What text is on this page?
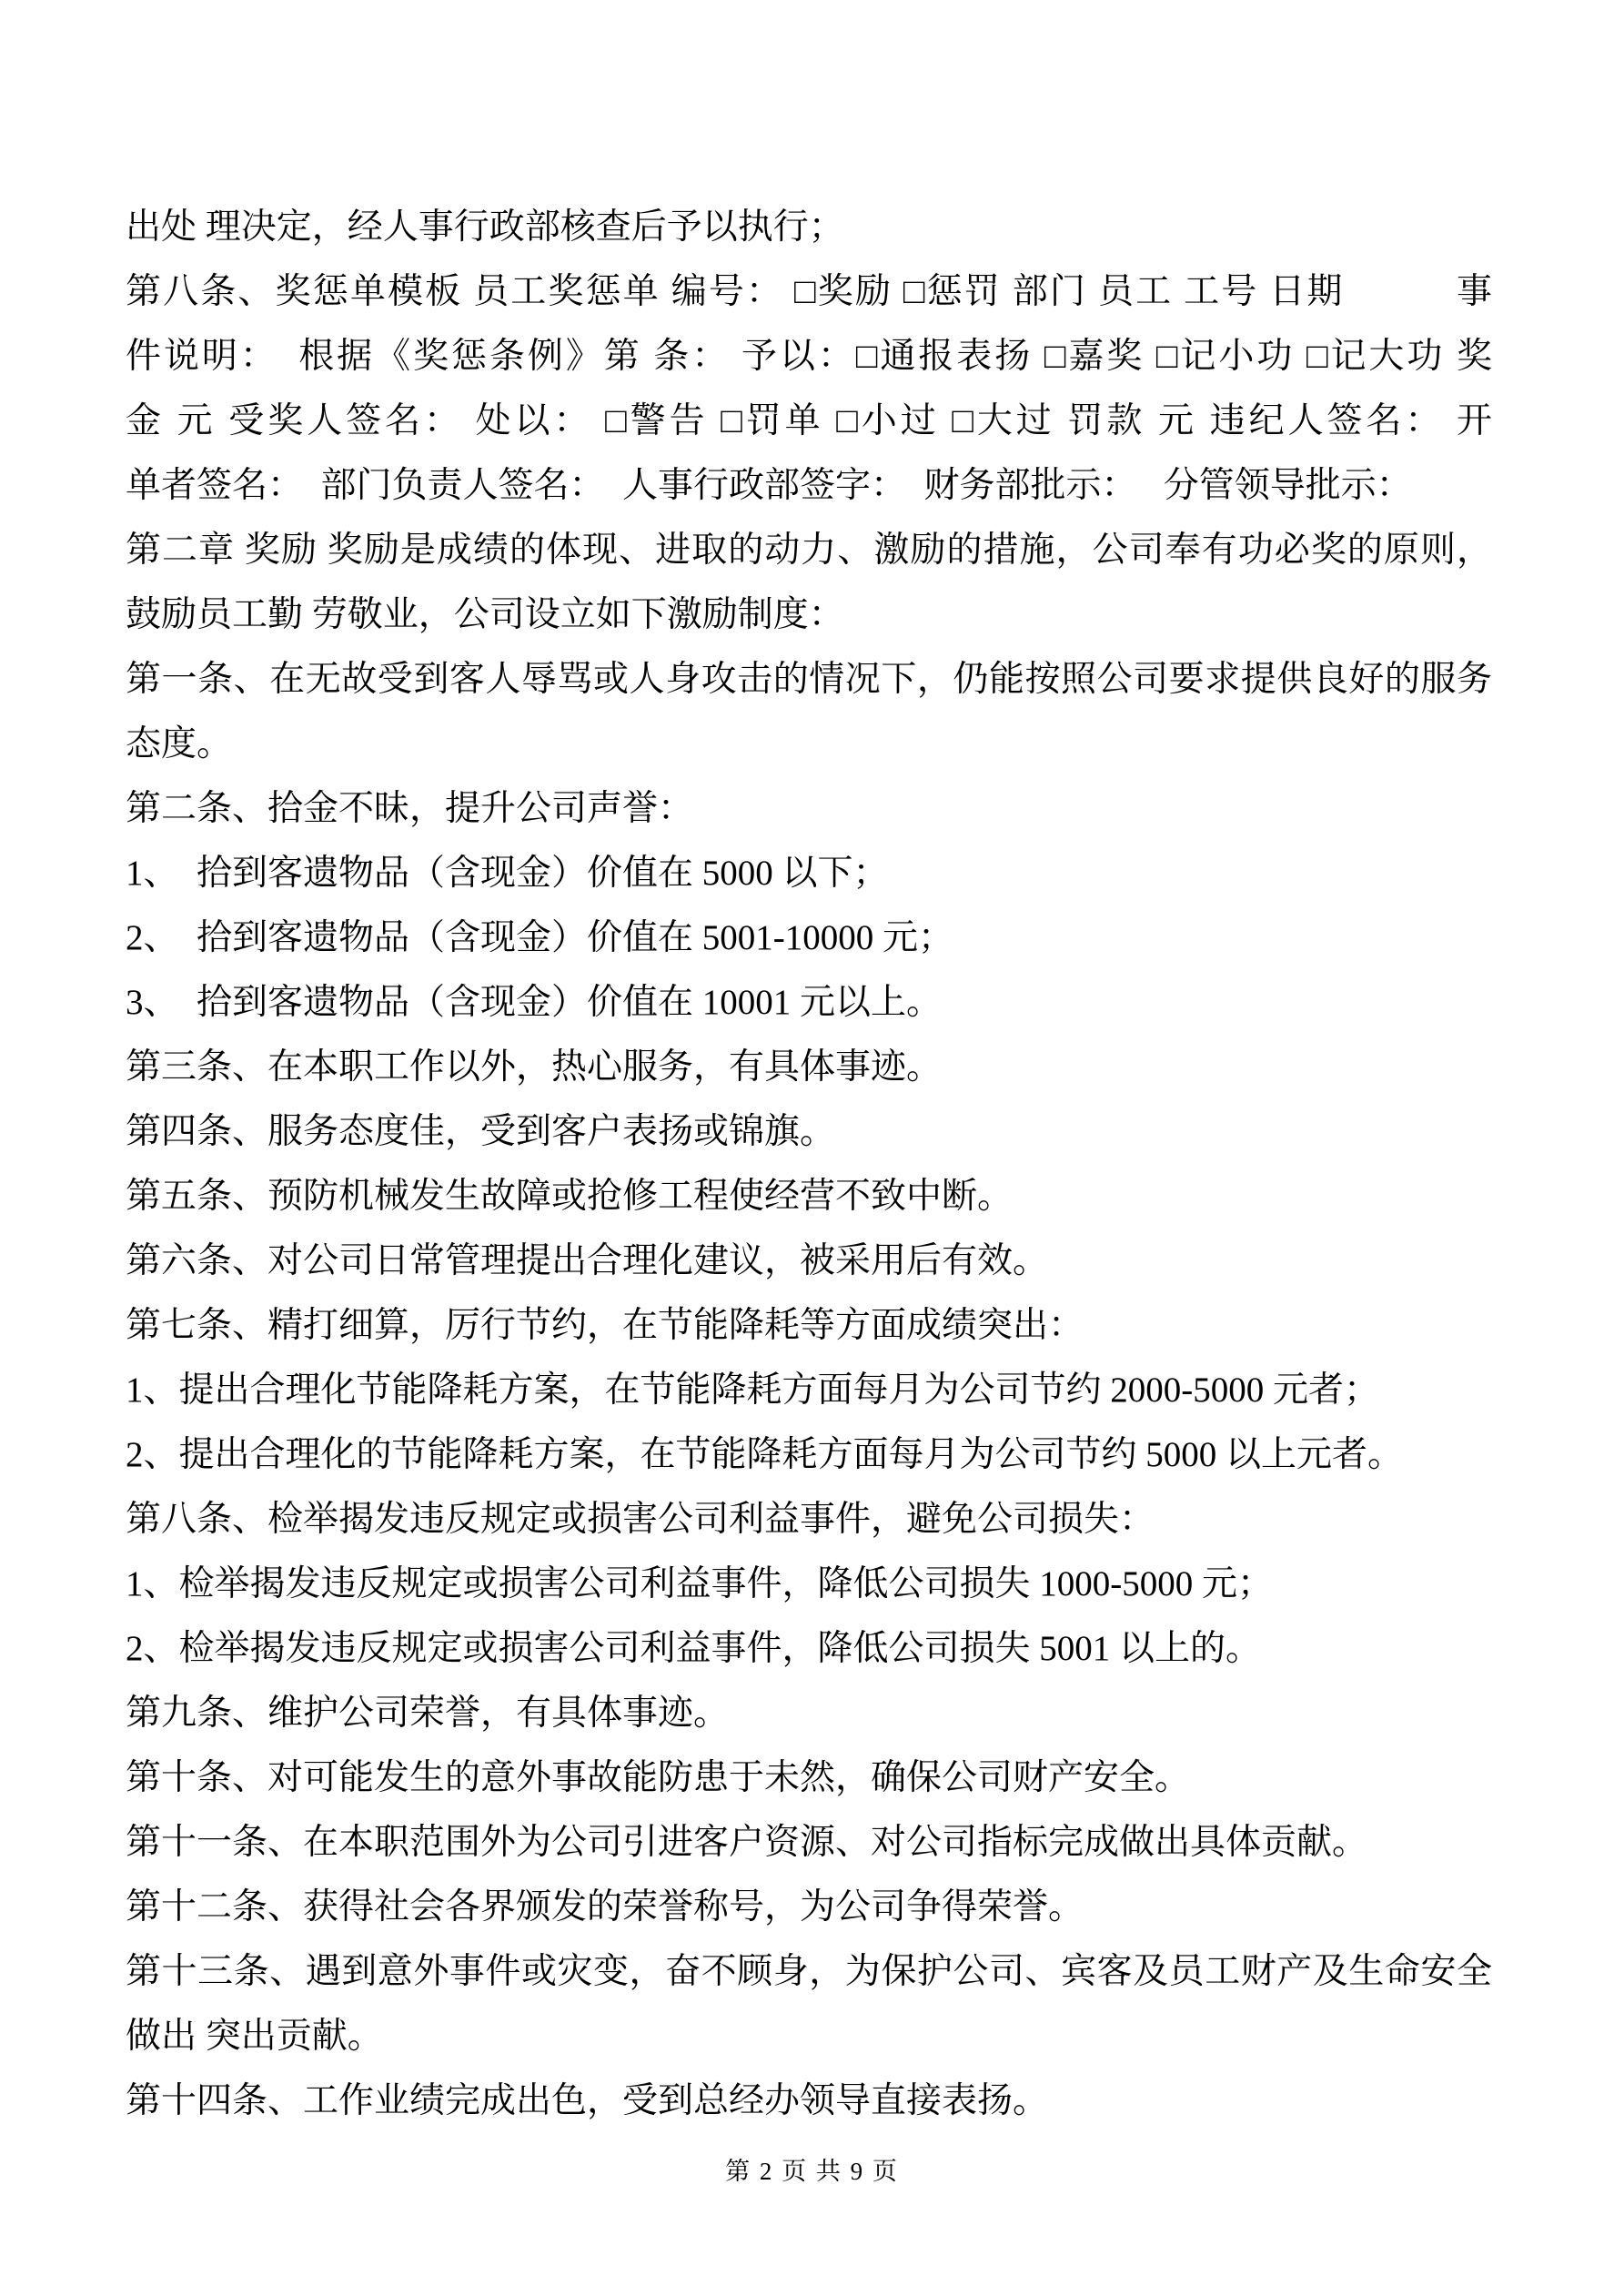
出处 理决定，经人事行政部核查后予以执行；
第八条、奖惩单模板 员工奖惩单 编号： □奖励 □惩罚 部门 员工 工号 日期　　　事
件说明：　根据《奖惩条例》第 条： 予以：□通报表扬 □嘉奖 □记小功 □记大功 奖
金 元 受奖人签名： 处以： □警告 □罚单 □小过 □大过 罚款 元 违纪人签名： 开
单者签名：　部门负责人签名：　人事行政部签字：　财务部批示：　 分管领导批示：
第二章 奖励 奖励是成绩的体现、进取的动力、激励的措施，公司奉有功必奖的原则，
鼓励员工勤 劳敬业，公司设立如下激励制度：
第一条、在无故受到客人辱骂或人身攻击的情况下，仍能按照公司要求提供良好的服务
态度。
第二条、拾金不昧，提升公司声誉：
1、　拾到客遗物品（含现金）价值在 5000 以下；
2、　拾到客遗物品（含现金）价值在 5001-10000 元；
3、　拾到客遗物品（含现金）价值在 10001 元以上。
第三条、在本职工作以外，热心服务，有具体事迹。
第四条、服务态度佳，受到客户表扬或锦旗。
第五条、预防机械发生故障或抢修工程使经营不致中断。
第六条、对公司日常管理提出合理化建议，被采用后有效。
第七条、精打细算，厉行节约，在节能降耗等方面成绩突出：
1、提出合理化节能降耗方案，在节能降耗方面每月为公司节约 2000-5000 元者；
2、提出合理化的节能降耗方案，在节能降耗方面每月为公司节约 5000 以上元者。
第八条、检举揭发违反规定或损害公司利益事件，避免公司损失：
1、检举揭发违反规定或损害公司利益事件，降低公司损失 1000-5000 元；
2、检举揭发违反规定或损害公司利益事件，降低公司损失 5001 以上的。
第九条、维护公司荣誉，有具体事迹。
第十条、对可能发生的意外事故能防患于未然，确保公司财产安全。
第十一条、在本职范围外为公司引进客户资源、对公司指标完成做出具体贡献。
第十二条、获得社会各界颁发的荣誉称号，为公司争得荣誉。
第十三条、遇到意外事件或灾变，奋不顾身，为保护公司、宾客及员工财产及生命安全
做出 突出贡献。
第十四条、工作业绩完成出色，受到总经办领导直接表扬。
第 2 页 共 9 页
